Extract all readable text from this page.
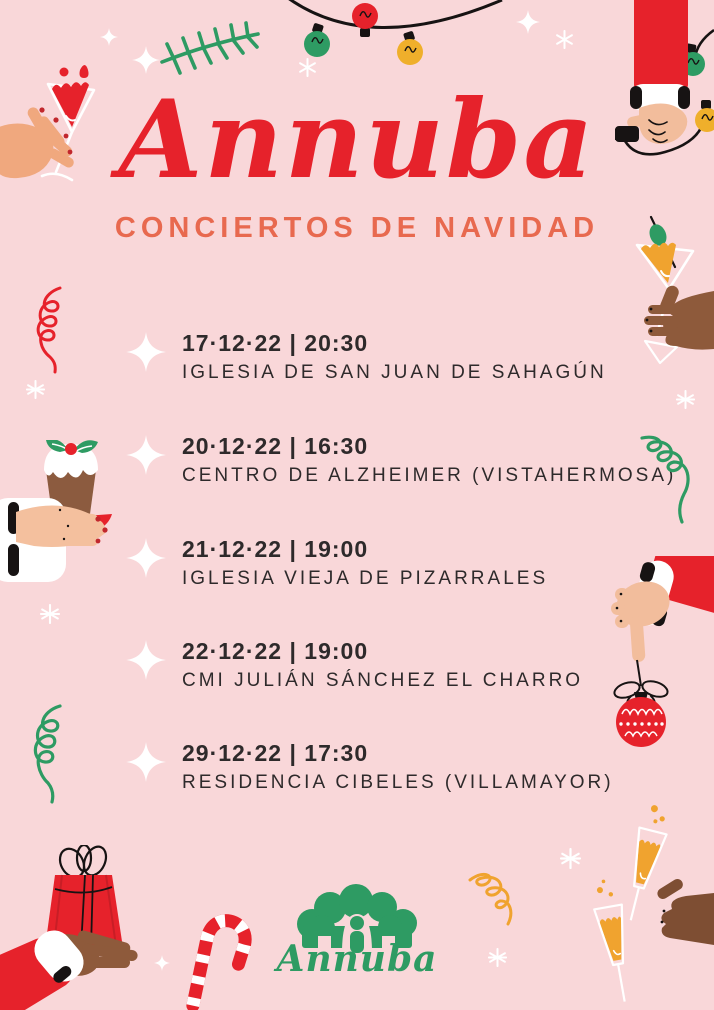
Annuba
CONCIERTOS DE NAVIDAD
17·12·22 | 20:30
IGLESIA DE SAN JUAN DE SAHAGÚN
20·12·22 | 16:30
CENTRO DE ALZHEIMER (VISTAHERMOSA)
21·12·22 | 19:00
IGLESIA VIEJA DE PIZARRALES
22·12·22 | 19:00
CMI JULIÁN SÁNCHEZ EL CHARRO
29·12·22 | 17:30
RESIDENCIA CIBELES (VILLAMAYOR)
Annuba
